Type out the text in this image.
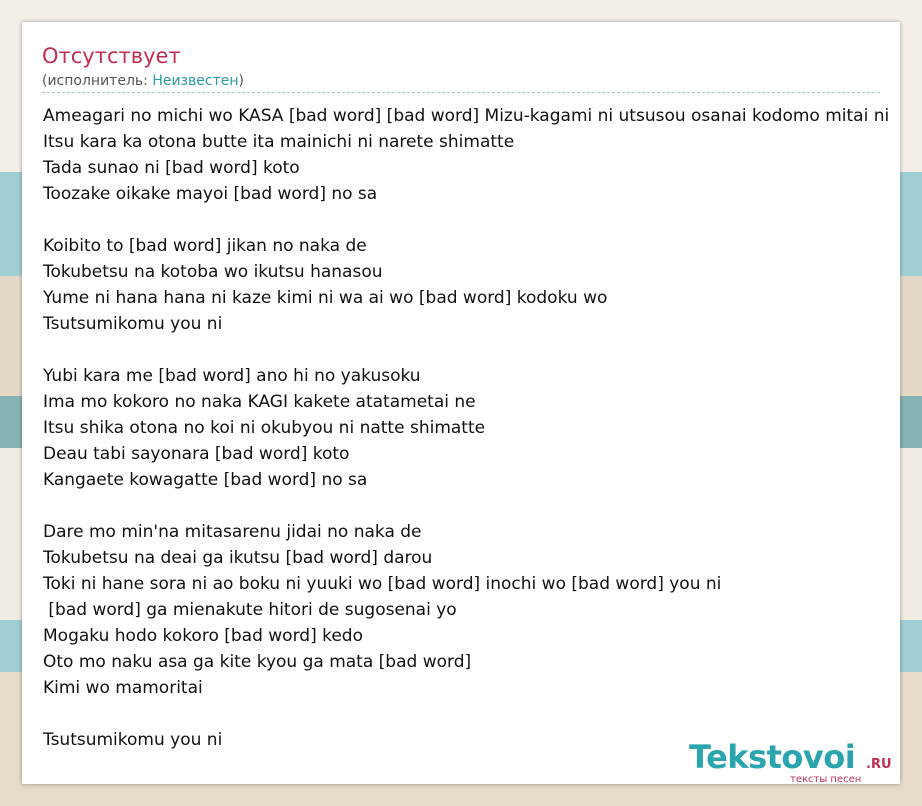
Отсутствует
(исполнитель: Неизвестен)
Ameagari no michi wo KASA [bad word] [bad word] Mizu-kagami ni utsusou osanai kodomo mitai ni
Itsu kara ka otona butte ita mainichi ni narete shimatte
Tada sunao ni [bad word] koto
Toozake oikake mayoi [bad word] no sa
Koibito to [bad word] jikan no naka de
Tokubetsu na kotoba wo ikutsu hanasou
Yume ni hana hana ni kaze kimi ni wa ai wo [bad word] kodoku wo
Tsutsumikomu you ni
Yubi kara me [bad word] ano hi no yakusoku
Ima mo kokoro no naka KAGI kakete atatametai ne
Itsu shika otona no koi ni okubyou ni natte shimatte
Deau tabi sayonara [bad word] koto
Kangaete kowagatte [bad word] no sa
Dare mo min'na mitasarenu jidai no naka de
Tokubetsu na deai ga ikutsu [bad word] darou
Toki ni hane sora ni ao boku ni yuuki wo [bad word] inochi wo [bad word] you ni
[bad word] ga mienakute hitori de sugosenai yo
Mogaku hodo kokoro [bad word] kedo
Oto mo naku asa ga kite kyou ga mata [bad word]
Kimi wo mamoritai
Tsutsumikomu you ni	Tekstovoi .RU
тексты песен
